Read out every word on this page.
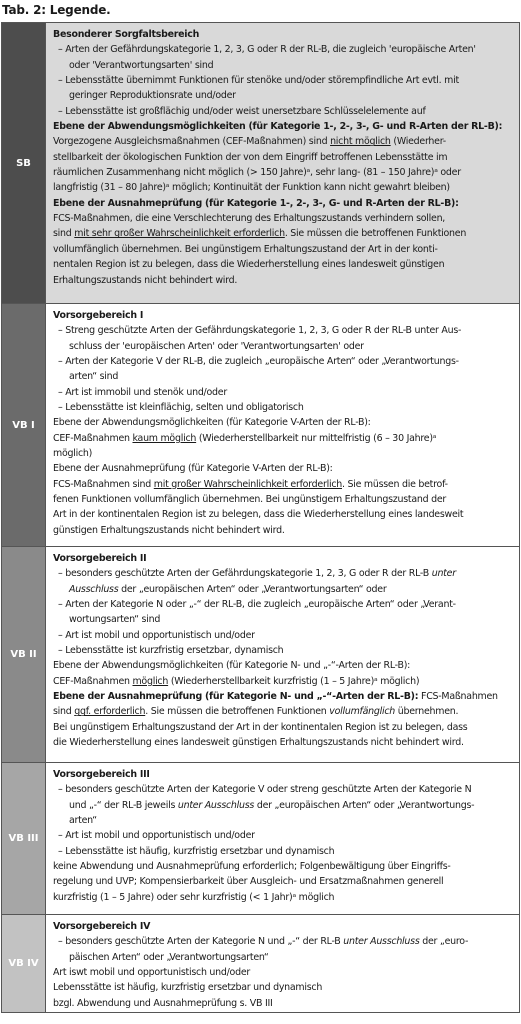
Tab. 2: Legende.
SB
Besonderer Sorgfaltsbereich
– Arten der Gefährdungskategorie 1, 2, 3, G oder R der RL-B, die zugleich 'europäische Arten'
oder 'Verantwortungsarten' sind
– Lebensstätte übernimmt Funktionen für stenöke und/oder störempfindliche Art evtl. mit
geringer Reproduktionsrate und/oder
– Lebensstätte ist großflächig und/oder weist unersetzbare Schlüsselelemente auf
Ebene der Abwendungsmöglichkeiten (für Kategorie 1-, 2-, 3-, G- und R-Arten der RL-B):
Vorgezogene Ausgleichsmaßnahmen (CEF-Maßnahmen) sind nicht möglich (Wiederher-
stellbarkeit der ökologischen Funktion der von dem Eingriff betroffenen Lebensstätte im
räumlichen Zusammenhang nicht möglich (> 150 Jahre)ᵃ, sehr lang- (81 – 150 Jahre)ᵃ oder
langfristig (31 – 80 Jahre)ᵃ möglich; Kontinuität der Funktion kann nicht gewahrt bleiben)
Ebene der Ausnahmeprüfung (für Kategorie 1-, 2-, 3-, G- und R-Arten der RL-B):
FCS-Maßnahmen, die eine Verschlechterung des Erhaltungszustands verhindern sollen,
sind mit sehr großer Wahrscheinlichkeit erforderlich. Sie müssen die betroffenen Funktionen
vollumfänglich übernehmen. Bei ungünstigem Erhaltungszustand der Art in der konti-
nentalen Region ist zu belegen, dass die Wiederherstellung eines landesweit günstigen
Erhaltungszustands nicht behindert wird.
VB I
Vorsorgebereich I
– Streng geschützte Arten der Gefährdungskategorie 1, 2, 3, G oder R der RL-B unter Aus-
schluss der 'europäischen Arten' oder 'Verantwortungsarten' oder
– Arten der Kategorie V der RL-B, die zugleich „europäische Arten“ oder „Verantwortungs-
arten“ sind
– Art ist immobil und stenök und/oder
– Lebensstätte ist kleinflächig, selten und obligatorisch
Ebene der Abwendungsmöglichkeiten (für Kategorie V-Arten der RL-B):
CEF-Maßnahmen kaum möglich (Wiederherstellbarkeit nur mittelfristig (6 – 30 Jahre)ᵃ
möglich)
Ebene der Ausnahmeprüfung (für Kategorie V-Arten der RL-B):
FCS-Maßnahmen sind mit großer Wahrscheinlichkeit erforderlich. Sie müssen die betrof-
fenen Funktionen vollumfänglich übernehmen. Bei ungünstigem Erhaltungszustand der
Art in der kontinentalen Region ist zu belegen, dass die Wiederherstellung eines landesweit
günstigen Erhaltungszustands nicht behindert wird.
VB II
Vorsorgebereich II
– besonders geschützte Arten der Gefährdungskategorie 1, 2, 3, G oder R der RL-B unter
Ausschluss der „europäischen Arten“ oder „Verantwortungsarten“ oder
– Arten der Kategorie N oder „-“ der RL-B, die zugleich „europäische Arten“ oder „Verant-
wortungsarten“ sind
– Art ist mobil und opportunistisch und/oder
– Lebensstätte ist kurzfristig ersetzbar, dynamisch
Ebene der Abwendungsmöglichkeiten (für Kategorie N- und „-“-Arten der RL-B):
CEF-Maßnahmen möglich (Wiederherstellbarkeit kurzfristig (1 – 5 Jahre)ᵃ möglich)
Ebene der Ausnahmeprüfung (für Kategorie N- und „-“-Arten der RL-B): FCS-Maßnahmen
sind ggf. erforderlich. Sie müssen die betroffenen Funktionen vollumfänglich übernehmen.
Bei ungünstigem Erhaltungszustand der Art in der kontinentalen Region ist zu belegen, dass
die Wiederherstellung eines landesweit günstigen Erhaltungszustands nicht behindert wird.
VB III
Vorsorgebereich III
– besonders geschützte Arten der Kategorie V oder streng geschützte Arten der Kategorie N
und „-“ der RL-B jeweils unter Ausschluss der „europäischen Arten“ oder „Verantwortungs-
arten“
– Art ist mobil und opportunistisch und/oder
– Lebensstätte ist häufig, kurzfristig ersetzbar und dynamisch
keine Abwendung und Ausnahmeprüfung erforderlich; Folgenbewältigung über Eingriffs-
regelung und UVP; Kompensierbarkeit über Ausgleich- und Ersatzmaßnahmen generell
kurzfristig (1 – 5 Jahre) oder sehr kurzfristig (< 1 Jahr)ᵃ möglich
VB IV
Vorsorgebereich IV
– besonders geschützte Arten der Kategorie N und „-“ der RL-B unter Ausschluss der „euro-
päischen Arten“ oder „Verantwortungsarten“
Art iswt mobil und opportunistisch und/oder
Lebensstätte ist häufig, kurzfristig ersetzbar und dynamisch
bzgl. Abwendung und Ausnahmeprüfung s. VB III
